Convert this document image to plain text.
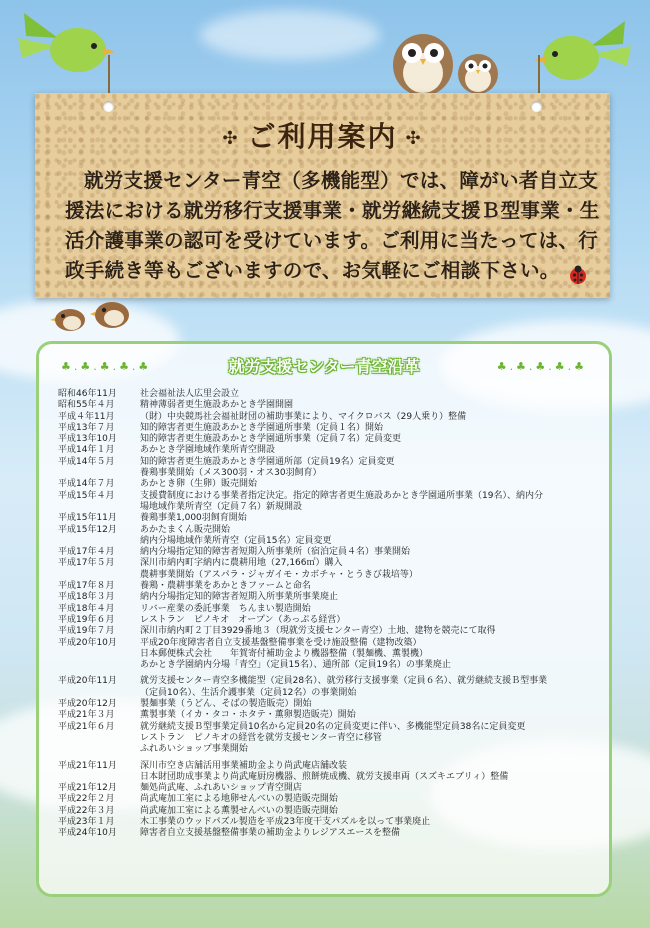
✣ ご利用案内 ✣
就労支援センター青空（多機能型）では、障がい者自立支
援法における就労移行支援事業・就労継続支援Ｂ型事業・生
活介護事業の認可を受けています。ご利用に当たっては、行
政手続き等もございますので、お気軽にご相談下さい。
♣.♣.♣.♣.♣	就労支援センター青空沿革	♣.♣.♣.♣.♣
昭和46年11月	社会福祉法人広里会設立
昭和55年４月	精神薄弱者更生施設あかとき学園開園
平成４年11月	（財）中央競馬社会福祉財団の補助事業により、マイクロバス（29人乗り）整備
平成13年７月	知的障害者更生施設あかとき学園通所事業（定員１名）開始
平成13年10月	知的障害者更生施設あかとき学園通所事業（定員７名）定員変更
平成14年１月	あかとき学園地域作業所青空開設
平成14年５月	知的障害者更生施設あかとき学園通所部（定員19名）定員変更
養鶏事業開始（メス300羽・オス30羽飼育）
平成14年７月	あかとき卵（生卵）販売開始
平成15年４月	支援費制度における事業者指定決定。指定的障害者更生施設あかとき学園通所事業（19名）、納内分
場地域作業所青空（定員７名）新規開設
平成15年11月	養鶏事業1,000羽飼育開始
平成15年12月	あかたまくん販売開始
納内分場地域作業所青空（定員15名）定員変更
平成17年４月	納内分場指定知的障害者短期入所事業所（宿泊定員４名）事業開始
平成17年５月	深川市納内町字納内に農耕用地（27,166㎡）購入
農耕事業開始（アスパラ・ジャガイモ・カボチャ・とうきび栽培等）
平成17年８月	養鶏・農耕事業をあかときファームと命名
平成18年３月	納内分場指定知的障害者短期入所事業所事業廃止
平成18年４月	リバー産業の委託事業　ちんまい製造開始
平成19年６月	レストラン　ピノキオ　オープン（あっぷる経営）
平成19年７月	深川市納内町２丁目3929番地３（現就労支援センター青空）土地、建物を競売にて取得
平成20年10月	平成20年度障害者自立支援基盤整備事業を受け施設整備（建物改築）
日本郵便株式会社　　年賀寄付補助金より機器整備（製麺機、薫製機）
あかとき学園納内分場「青空」（定員15名）、通所部（定員19名）の事業廃止
平成20年11月	就労支援センター青空多機能型（定員28名）、就労移行支援事業（定員６名）、就労継続支援Ｂ型事業
（定員10名）、生活介護事業（定員12名）の事業開始
平成20年12月	製麺事業（うどん、そばの製造販売）開始
平成21年３月	薫製事業（イカ・タコ・ホタテ・薫卵製造販売）開始
平成21年６月	就労継続支援Ｂ型事業定員10名から定員20名の定員変更に伴い、多機能型定員38名に定員変更
レストラン　ピノキオの経営を就労支援センター青空に移管
ふれあいショップ事業開始
平成21年11月	深川市空き店舗活用事業補助金より尚武庵店舗改装
日本財団助成事業より尚武庵厨房機器、煎餅焼成機、就労支援車両（スズキエブリィ）整備
平成21年12月	麺処尚武庵、ふれあいショップ青空開店
平成22年２月	尚武庵加工室による地卵せんべいの製造販売開始
平成22年３月	尚武庵加工室による薫製せんべいの製造販売開始
平成23年１月	木工事業のウッドパズル製造を平成23年度干支パズルを以って事業廃止
平成24年10月	障害者自立支援基盤整備事業の補助金よりレジアスエースを整備
